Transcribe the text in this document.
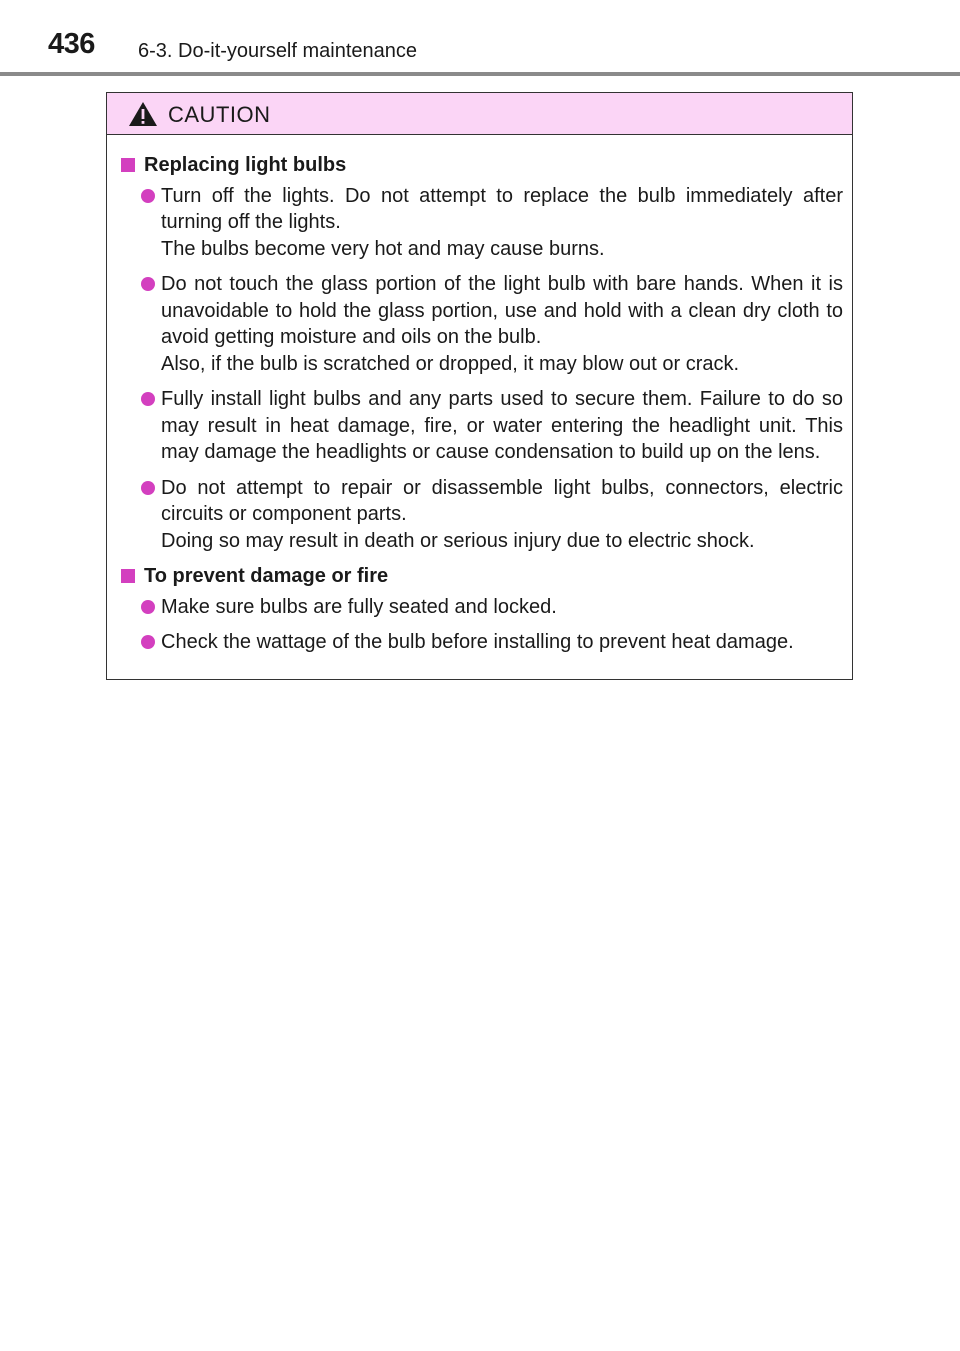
436 6-3. Do-it-yourself maintenance
CAUTION
Replacing light bulbs
Turn off the lights. Do not attempt to replace the bulb immediately after turning off the lights.
The bulbs become very hot and may cause burns.
Do not touch the glass portion of the light bulb with bare hands. When it is unavoidable to hold the glass portion, use and hold with a clean dry cloth to avoid getting moisture and oils on the bulb.
Also, if the bulb is scratched or dropped, it may blow out or crack.
Fully install light bulbs and any parts used to secure them. Failure to do so may result in heat damage, fire, or water entering the headlight unit. This may damage the headlights or cause condensation to build up on the lens.
Do not attempt to repair or disassemble light bulbs, connectors, electric circuits or component parts.
Doing so may result in death or serious injury due to electric shock.
To prevent damage or fire
Make sure bulbs are fully seated and locked.
Check the wattage of the bulb before installing to prevent heat damage.
